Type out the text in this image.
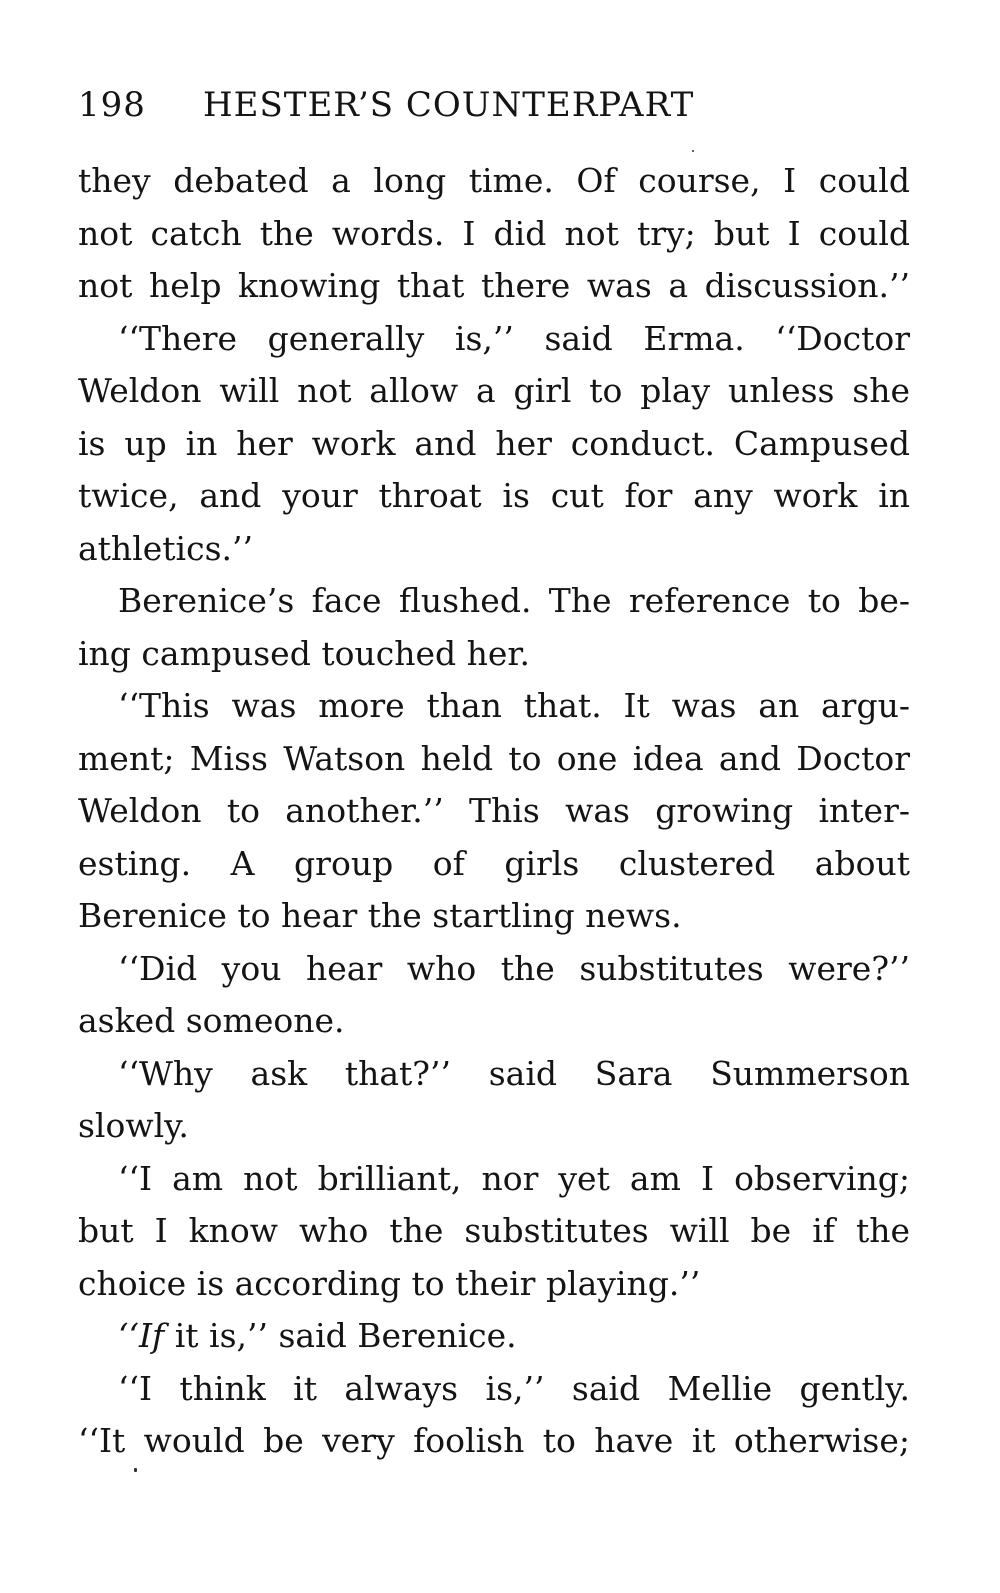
198 HESTER’S COUNTERPART
they debated a long time. Of course, I could
not catch the words. I did not try; but I could
not help knowing that there was a discussion.’’
‘‘There generally is,’’ said Erma. ‘‘Doctor
Weldon will not allow a girl to play unless she
is up in her work and her conduct. Campused
twice, and your throat is cut for any work in
athletics.’’
Berenice’s face flushed. The reference to be-
ing campused touched her.
‘‘This was more than that. It was an argu-
ment; Miss Watson held to one idea and Doctor
Weldon to another.’’ This was growing inter-
esting. A group of girls clustered about
Berenice to hear the startling news.
‘‘Did you hear who the substitutes were?’’
asked someone.
‘‘Why ask that?’’ said Sara Summerson
slowly.
‘‘I am not brilliant, nor yet am I observing;
but I know who the substitutes will be if the
choice is according to their playing.’’
‘‘If it is,’’ said Berenice.
‘‘I think it always is,’’ said Mellie gently.
‘‘It would be very foolish to have it otherwise;
